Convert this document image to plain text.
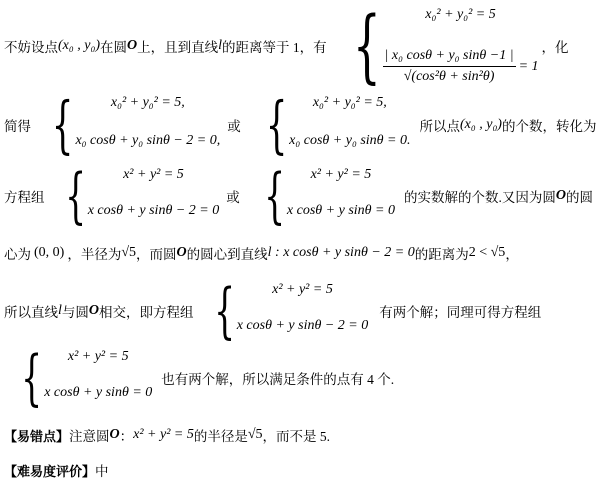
不妨设点 (x₀ , y₀) 在圆 O 上，且到直线 l 的距离等于 1，有 {	x₀² + y₀² = 5
$\frac{\text{| x₀ cosθ + y₀ sinθ −1 |}}{\text{√(cos²θ + sin²θ)}} = 1$
，化
简得 {	x₀² + y₀² = 5,
x₀ cosθ + y₀ sinθ − 2 = 0,
或 {	x₀² + y₀² = 5,
x₀ cosθ + y₀ sinθ = 0.
所以点 (x₀ , y₀) 的个数，转化为
方程组 {	x² + y² = 5
x cosθ + y sinθ − 2 = 0
或 {	x² + y² = 5
x cosθ + y sinθ = 0
的实数解的个数.又因为圆 O 的圆
心为 (0, 0) ，半径为 √5 ，而圆 O 的圆心到直线 l : x cosθ + y sinθ − 2 = 0 的距离为 2 < √5 ，
所以直线 l 与圆 O 相交，即方程组 {	x² + y² = 5
x cosθ + y sinθ − 2 = 0
有两个解；同理可得方程组
{	x² + y² = 5
x cosθ + y sinθ = 0
也有两个解，所以满足条件的点有 4 个.
【易错点】 注意圆 O ： x² + y² = 5 的半径是 √5 ，而不是 5.
【难易度评价】 中
